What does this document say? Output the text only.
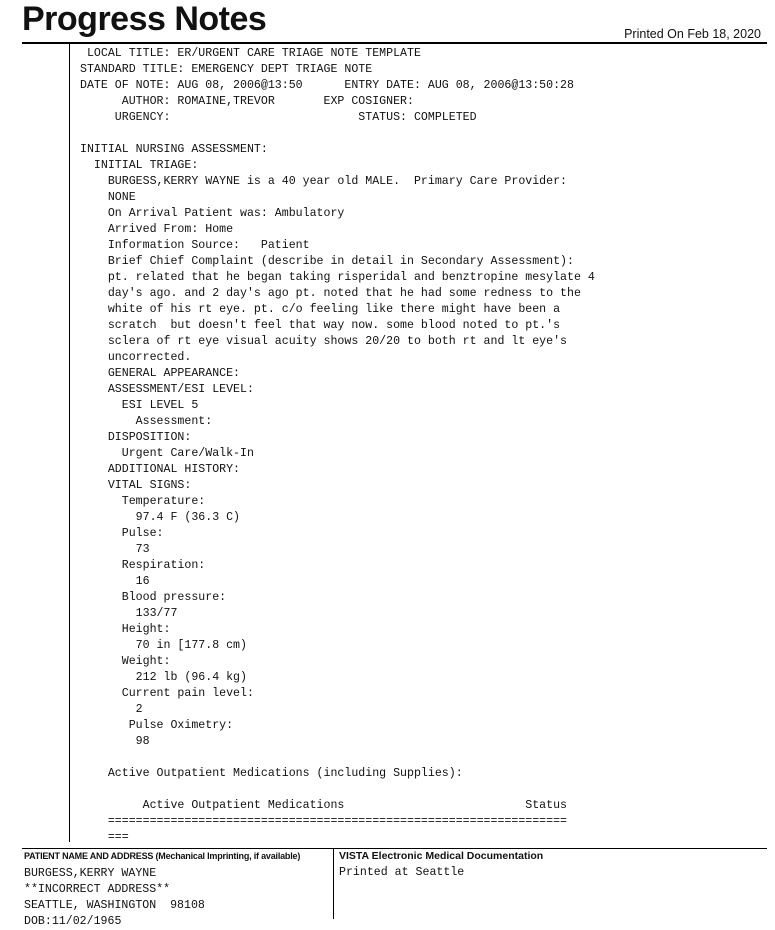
Progress Notes	Printed On Feb 18, 2020
LOCAL TITLE: ER/URGENT CARE TRIAGE NOTE TEMPLATE
STANDARD TITLE: EMERGENCY DEPT TRIAGE NOTE
DATE OF NOTE: AUG 08, 2006@13:50      ENTRY DATE: AUG 08, 2006@13:50:28
AUTHOR: ROMAINE,TREVOR       EXP COSIGNER:
URGENCY:                           STATUS: COMPLETED

INITIAL NURSING ASSESSMENT:
INITIAL TRIAGE:
BURGESS,KERRY WAYNE is a 40 year old MALE.  Primary Care Provider:
NONE
On Arrival Patient was: Ambulatory
Arrived From: Home
Information Source:   Patient
Brief Chief Complaint (describe in detail in Secondary Assessment):
pt. related that he began taking risperidal and benztropine mesylate 4
day's ago. and 2 day's ago pt. noted that he had some redness to the
white of his rt eye. pt. c/o feeling like there might have been a
scratch  but doesn't feel that way now. some blood noted to pt.'s
sclera of rt eye visual acuity shows 20/20 to both rt and lt eye's
uncorrected.
GENERAL APPEARANCE:
ASSESSMENT/ESI LEVEL:
ESI LEVEL 5
Assessment:
DISPOSITION:
Urgent Care/Walk-In
ADDITIONAL HISTORY:
VITAL SIGNS:
Temperature:
97.4 F (36.3 C)
Pulse:
73
Respiration:
16
Blood pressure:
133/77
Height:
70 in [177.8 cm)
Weight:
212 lb (96.4 kg)
Current pain level:
2
Pulse Oximetry:
98

Active Outpatient Medications (including Supplies):

Active Outpatient Medications                          Status
==================================================================
===
PATIENT NAME AND ADDRESS (Mechanical Imprinting, if available)	VISTA Electronic Medical Documentation
BURGESS,KERRY WAYNE
**INCORRECT ADDRESS**
SEATTLE, WASHINGTON  98108
DOB:11/02/1965
Printed at Seattle
